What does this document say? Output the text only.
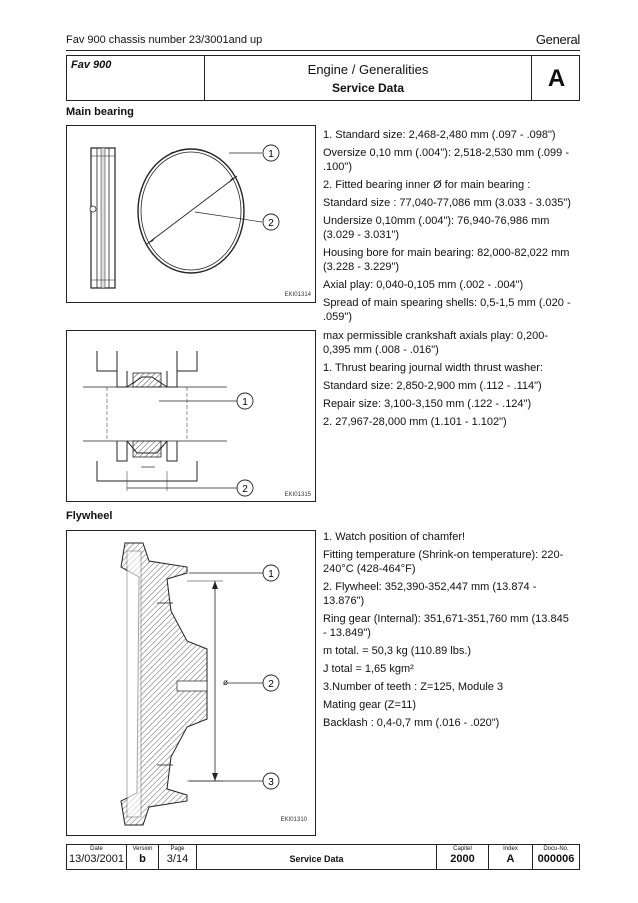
Fav 900 chassis number 23/3001and up	General
Fav 900	Engine / Generalities
Service Data	A
Main bearing
1
2
EKI01314

1. Standard size: 2,468-2,480 mm (.097 - .098")

Oversize 0,10 mm (.004"): 2,518-2,530 mm (.099 - .100")

2. Fitted bearing inner Ø for main bearing :

Standard size : 77,040-77,086 mm (3.033 - 3.035")

Undersize 0,10mm (.004"): 76,940-76,986 mm (3.029 - 3.031")

Housing bore for main bearing: 82,000-82,022 mm (3.228 - 3.229")

Axial play: 0,040-0,105 mm (.002 - .004")

Spread of main spearing shells: 0,5-1,5 mm (.020 - .059")

1
2	EKI01315

max permissible crankshaft axials play: 0,200-0,395 mm (.008 - .016")

1. Thrust bearing journal width thrust washer:

Standard size: 2,850-2,900 mm (.112 - .114")

Repair size: 3,100-3,150 mm (.122 - .124")

2. 27,967-28,000 mm (1.101 - 1.102")

Flywheel
ø
1
2
3
EKI01310

1. Watch position of chamfer!

Fitting temperature (Shrink-on temperature): 220-240°C (428-464°F)

2. Flywheel: 352,390-352,447 mm (13.874 - 13.876")

Ring gear (Internal): 351,671-351,760 mm (13.845 - 13.849")

m total. = 50,3 kg (110.89 lbs.)

J total = 1,65 kgm²

3.Number of teeth : Z=125, Module 3

Mating gear (Z=11)

Backlash : 0,4-0,7 mm (.016 - .020")

Date
13/03/2001
Version
b
Page
3/14
	Service Data
Capitel
2000
Index
A
Docu-No.
000006
